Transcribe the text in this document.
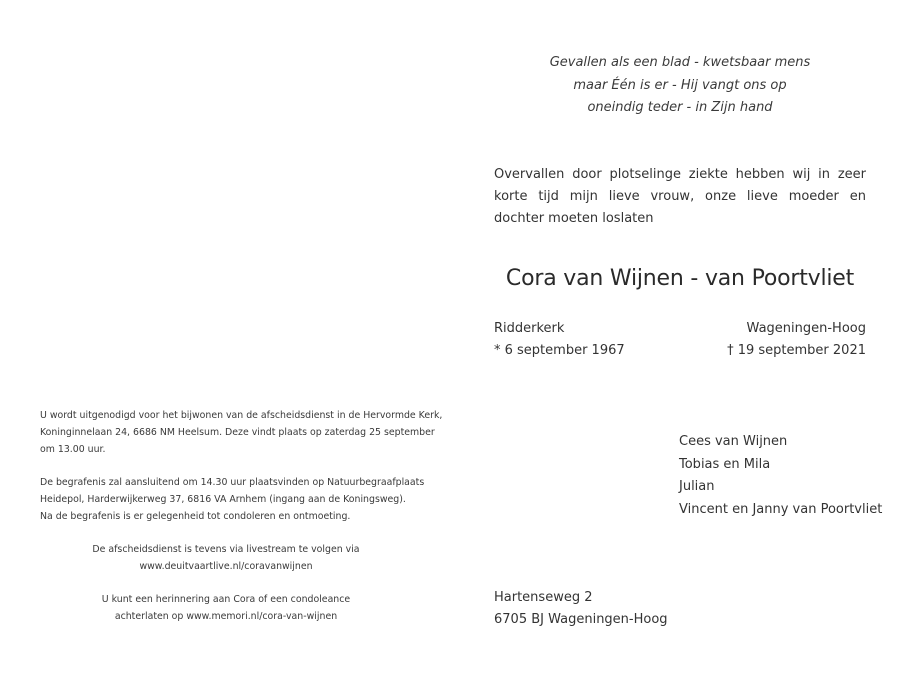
Gevallen als een blad - kwetsbaar mens
maar Één is er - Hij vangt ons op
oneindig teder - in Zijn hand
Overvallen door plotselinge ziekte hebben wij in zeer korte tijd mijn lieve vrouw, onze lieve moeder en dochter moeten loslaten
Cora van Wijnen - van Poortvliet
Ridderkerk	Wageningen-Hoog
* 6 september 1967	† 19 september 2021
Cees van Wijnen
Tobias en Mila
Julian
Vincent en Janny van Poortvliet
Hartenseweg 2
6705 BJ Wageningen-Hoog
U wordt uitgenodigd voor het bijwonen van de afscheidsdienst in de Hervormde Kerk,
Koninginnelaan 24, 6686 NM Heelsum. Deze vindt plaats op zaterdag 25 september
om 13.00 uur.
De begrafenis zal aansluitend om 14.30 uur plaatsvinden op Natuurbegraafplaats
Heidepol, Harderwijkerweg 37, 6816 VA Arnhem (ingang aan de Koningsweg).
Na de begrafenis is er gelegenheid tot condoleren en ontmoeting.
De afscheidsdienst is tevens via livestream te volgen via
www.deuitvaartlive.nl/coravanwijnen
U kunt een herinnering aan Cora of een condoleance
achterlaten op www.memori.nl/cora-van-wijnen
